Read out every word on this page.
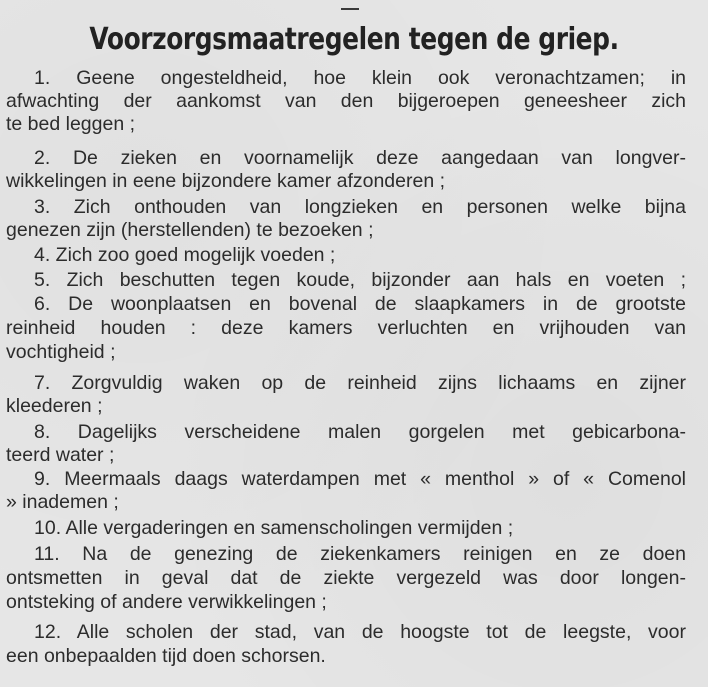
Voorzorgsmaatregelen tegen de griep.
1. Geene ongesteldheid, hoe klein ook veronachtzamen; in
afwachting der aankomst van den bijgeroepen geneesheer zich
te bed leggen ;
2. De zieken en voornamelijk deze aangedaan van longver-
wikkelingen in eene bijzondere kamer afzonderen ;
3. Zich onthouden van longzieken en personen welke bijna
genezen zijn (herstellenden) te bezoeken ;
4. Zich zoo goed mogelijk voeden ;
5. Zich beschutten tegen koude, bijzonder aan hals en voeten ;
6. De woonplaatsen en bovenal de slaapkamers in de grootste
reinheid houden : deze kamers verluchten en vrijhouden van
vochtigheid ;
7. Zorgvuldig waken op de reinheid zijns lichaams en zijner
kleederen ;
8. Dagelijks verscheidene malen gorgelen met gebicarbona-
teerd water ;
9. Meermaals daags waterdampen met « menthol » of « Comenol
» inademen ;
10. Alle vergaderingen en samenscholingen vermijden ;
11. Na de genezing de ziekenkamers reinigen en ze doen
ontsmetten in geval dat de ziekte vergezeld was door longen-
ontsteking of andere verwikkelingen ;
12. Alle scholen der stad, van de hoogste tot de leegste, voor
een onbepaalden tijd doen schorsen.
